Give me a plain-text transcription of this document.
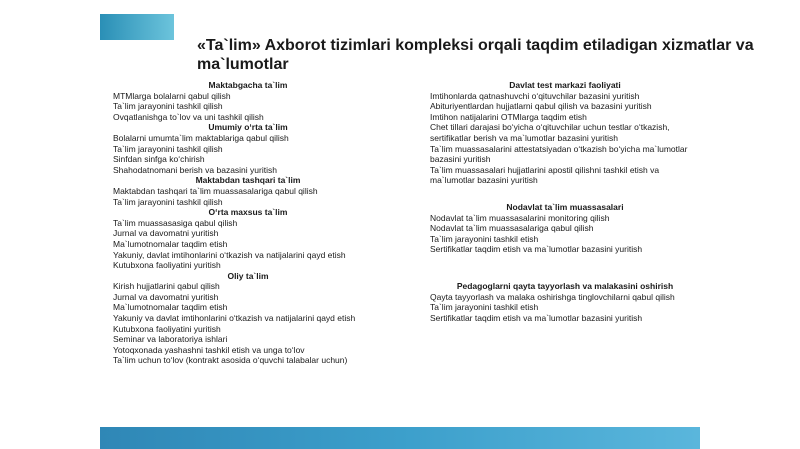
«Ta`lim» Axborot tizimlari kompleksi orqali taqdim etiladigan xizmatlar va ma`lumotlar
Maktabgacha ta`lim
MTMlarga bolalarni qabul qilish
Ta`lim jarayonini tashkil qilish
Ovqatlanishga to`lov va uni tashkil qilish
Umumiy o‘rta ta`lim
Bolalarni umumta`lim maktablariga qabul qilish
Ta`lim jarayonini tashkil qilish
Sinfdan sinfga ko‘chirish
Shahodatnomani berish va bazasini yuritish
Maktabdan tashqari ta`lim
Maktabdan tashqari ta`lim muassasalariga qabul qilish
Ta`lim jarayonini tashkil qilish
O‘rta maxsus ta`lim
Ta`lim muassasasiga qabul qilish
Jurnal va davomatni yuritish
Ma`lumotnomalar taqdim etish
Yakuniy, davlat imtihonlarini o‘tkazish va natijalarini qayd etish
Kutubxona faoliyatini yuritish
Oliy ta`lim
Kirish hujjatlarini qabul qilish
Jurnal va davomatni yuritish
Ma`lumotnomalar taqdim etish
Yakuniy va davlat imtihonlarini o‘tkazish va natijalarini qayd etish
Kutubxona faoliyatini yuritish
Seminar va laboratoriya ishlari
Yotoqxonada yashashni tashkil etish va unga to‘lov
Ta`lim uchun to‘lov (kontrakt asosida o‘quvchi talabalar uchun)
Davlat test markazi faoliyati
Imtihonlarda qatnashuvchi o‘qituvchilar bazasini yuritish
Abituriyentlardan hujjatlarni qabul qilish va bazasini yuritish
Imtihon natijalarini OTMlarga taqdim etish
Chet tillari darajasi bo‘yicha o‘qituvchilar uchun testlar o‘tkazish, sertifikatlar berish va ma`lumotlar bazasini yuritish
Ta`lim muassasalarini attestatsiyadan o‘tkazish bo‘yicha ma`lumotlar bazasini yuritish
Ta`lim muassasalari hujjatlarini apostil qilishni tashkil etish va ma`lumotlar bazasini yuritish
Nodavlat ta`lim muassasalari
Nodavlat ta`lim muassasalarini monitoring qilish
Nodavlat ta`lim muassasalariga qabul qilish
Ta`lim jarayonini tashkil etish
Sertifikatlar taqdim etish va ma`lumotlar bazasini yuritish
Pedagoglarni qayta tayyorlash va malakasini oshirish
Qayta tayyorlash va malaka oshirishga tinglovchilarni qabul qilish
Ta`lim jarayonini tashkil etish
Sertifikatlar taqdim etish va ma`lumotlar bazasini yuritish
